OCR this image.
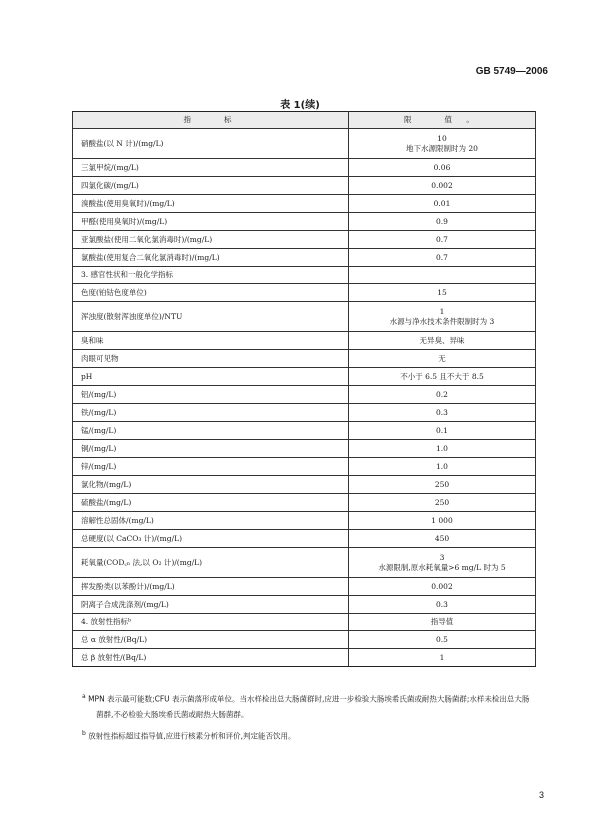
GB 5749—2006
表 1(续)
指　　标	限　　值 。
硝酸盐(以 N 计)/(mg/L)	10
地下水源限制时为 20

三氯甲烷/(mg/L)	0.06

四氯化碳/(mg/L)	0.002

溴酸盐(使用臭氧时)/(mg/L)	0.01

甲醛(使用臭氧时)/(mg/L)	0.9

亚氯酸盐(使用二氧化氯消毒时)/(mg/L)	0.7

氯酸盐(使用复合二氧化氯消毒时)/(mg/L)	0.7

3. 感官性状和一般化学指标	
色度(铂钴色度单位)	15

浑浊度(散射浑浊度单位)/NTU	1
水源与净水技术条件限制时为 3

臭和味	无异臭、异味

肉眼可见物	无

pH	不小于 6.5 且不大于 8.5

铝/(mg/L)	0.2

铁/(mg/L)	0.3

锰/(mg/L)	0.1

铜/(mg/L)	1.0

锌/(mg/L)	1.0

氯化物/(mg/L)	250

硫酸盐/(mg/L)	250

溶解性总固体/(mg/L)	1 000

总硬度(以 CaCO₃ 计)/(mg/L)	450

耗氧量(COD꜀ₙ 法,以 O₂ 计)/(mg/L)	3
水源限制,原水耗氧量>6 mg/L 时为 5

挥发酚类(以苯酚计)/(mg/L)	0.002

阴离子合成洗涤剂/(mg/L)	0.3

4. 放射性指标ᵇ	指导值
总 α 放射性/(Bq/L)	0.5

总 β 放射性/(Bq/L)	1
$^a$ MPN 表示最可能数;CFU 表示菌落形成单位。当水样检出总大肠菌群时,应进一步检验大肠埃希氏菌或耐热大肠菌群;水样未检出总大肠菌群,不必检验大肠埃希氏菌或耐热大肠菌群。
$^b$ 放射性指标超过指导值,应进行核素分析和评价,判定能否饮用。
3
